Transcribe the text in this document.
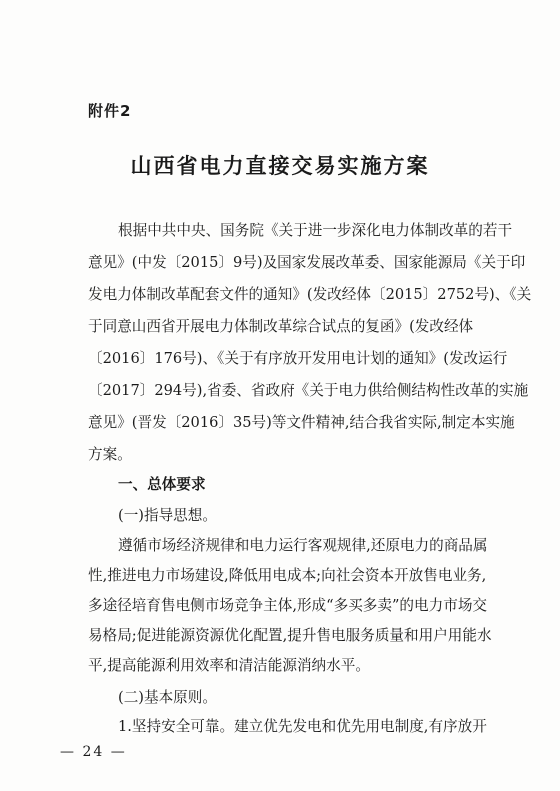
附件2
山西省电力直接交易实施方案
根据中共中央、国务院《关于进一步深化电力体制改革的若干
意见》(中发〔2015〕9号)及国家发展改革委、国家能源局《关于印
发电力体制改革配套文件的通知》(发改经体〔2015〕2752号)、《关
于同意山西省开展电力体制改革综合试点的复函》(发改经体
〔2016〕176号)、《关于有序放开发用电计划的通知》(发改运行
〔2017〕294号),省委、省政府《关于电力供给侧结构性改革的实施
意见》(晋发〔2016〕35号)等文件精神,结合我省实际,制定本实施
方案。
一、总体要求
(一)指导思想。
遵循市场经济规律和电力运行客观规律,还原电力的商品属
性,推进电力市场建设,降低用电成本;向社会资本开放售电业务,
多途径培育售电侧市场竞争主体,形成“多买多卖”的电力市场交
易格局;促进能源资源优化配置,提升售电服务质量和用户用能水
平,提高能源利用效率和清洁能源消纳水平。
— 24 —
(二)基本原则。
1.坚持安全可靠。建立优先发电和优先用电制度,有序放开
